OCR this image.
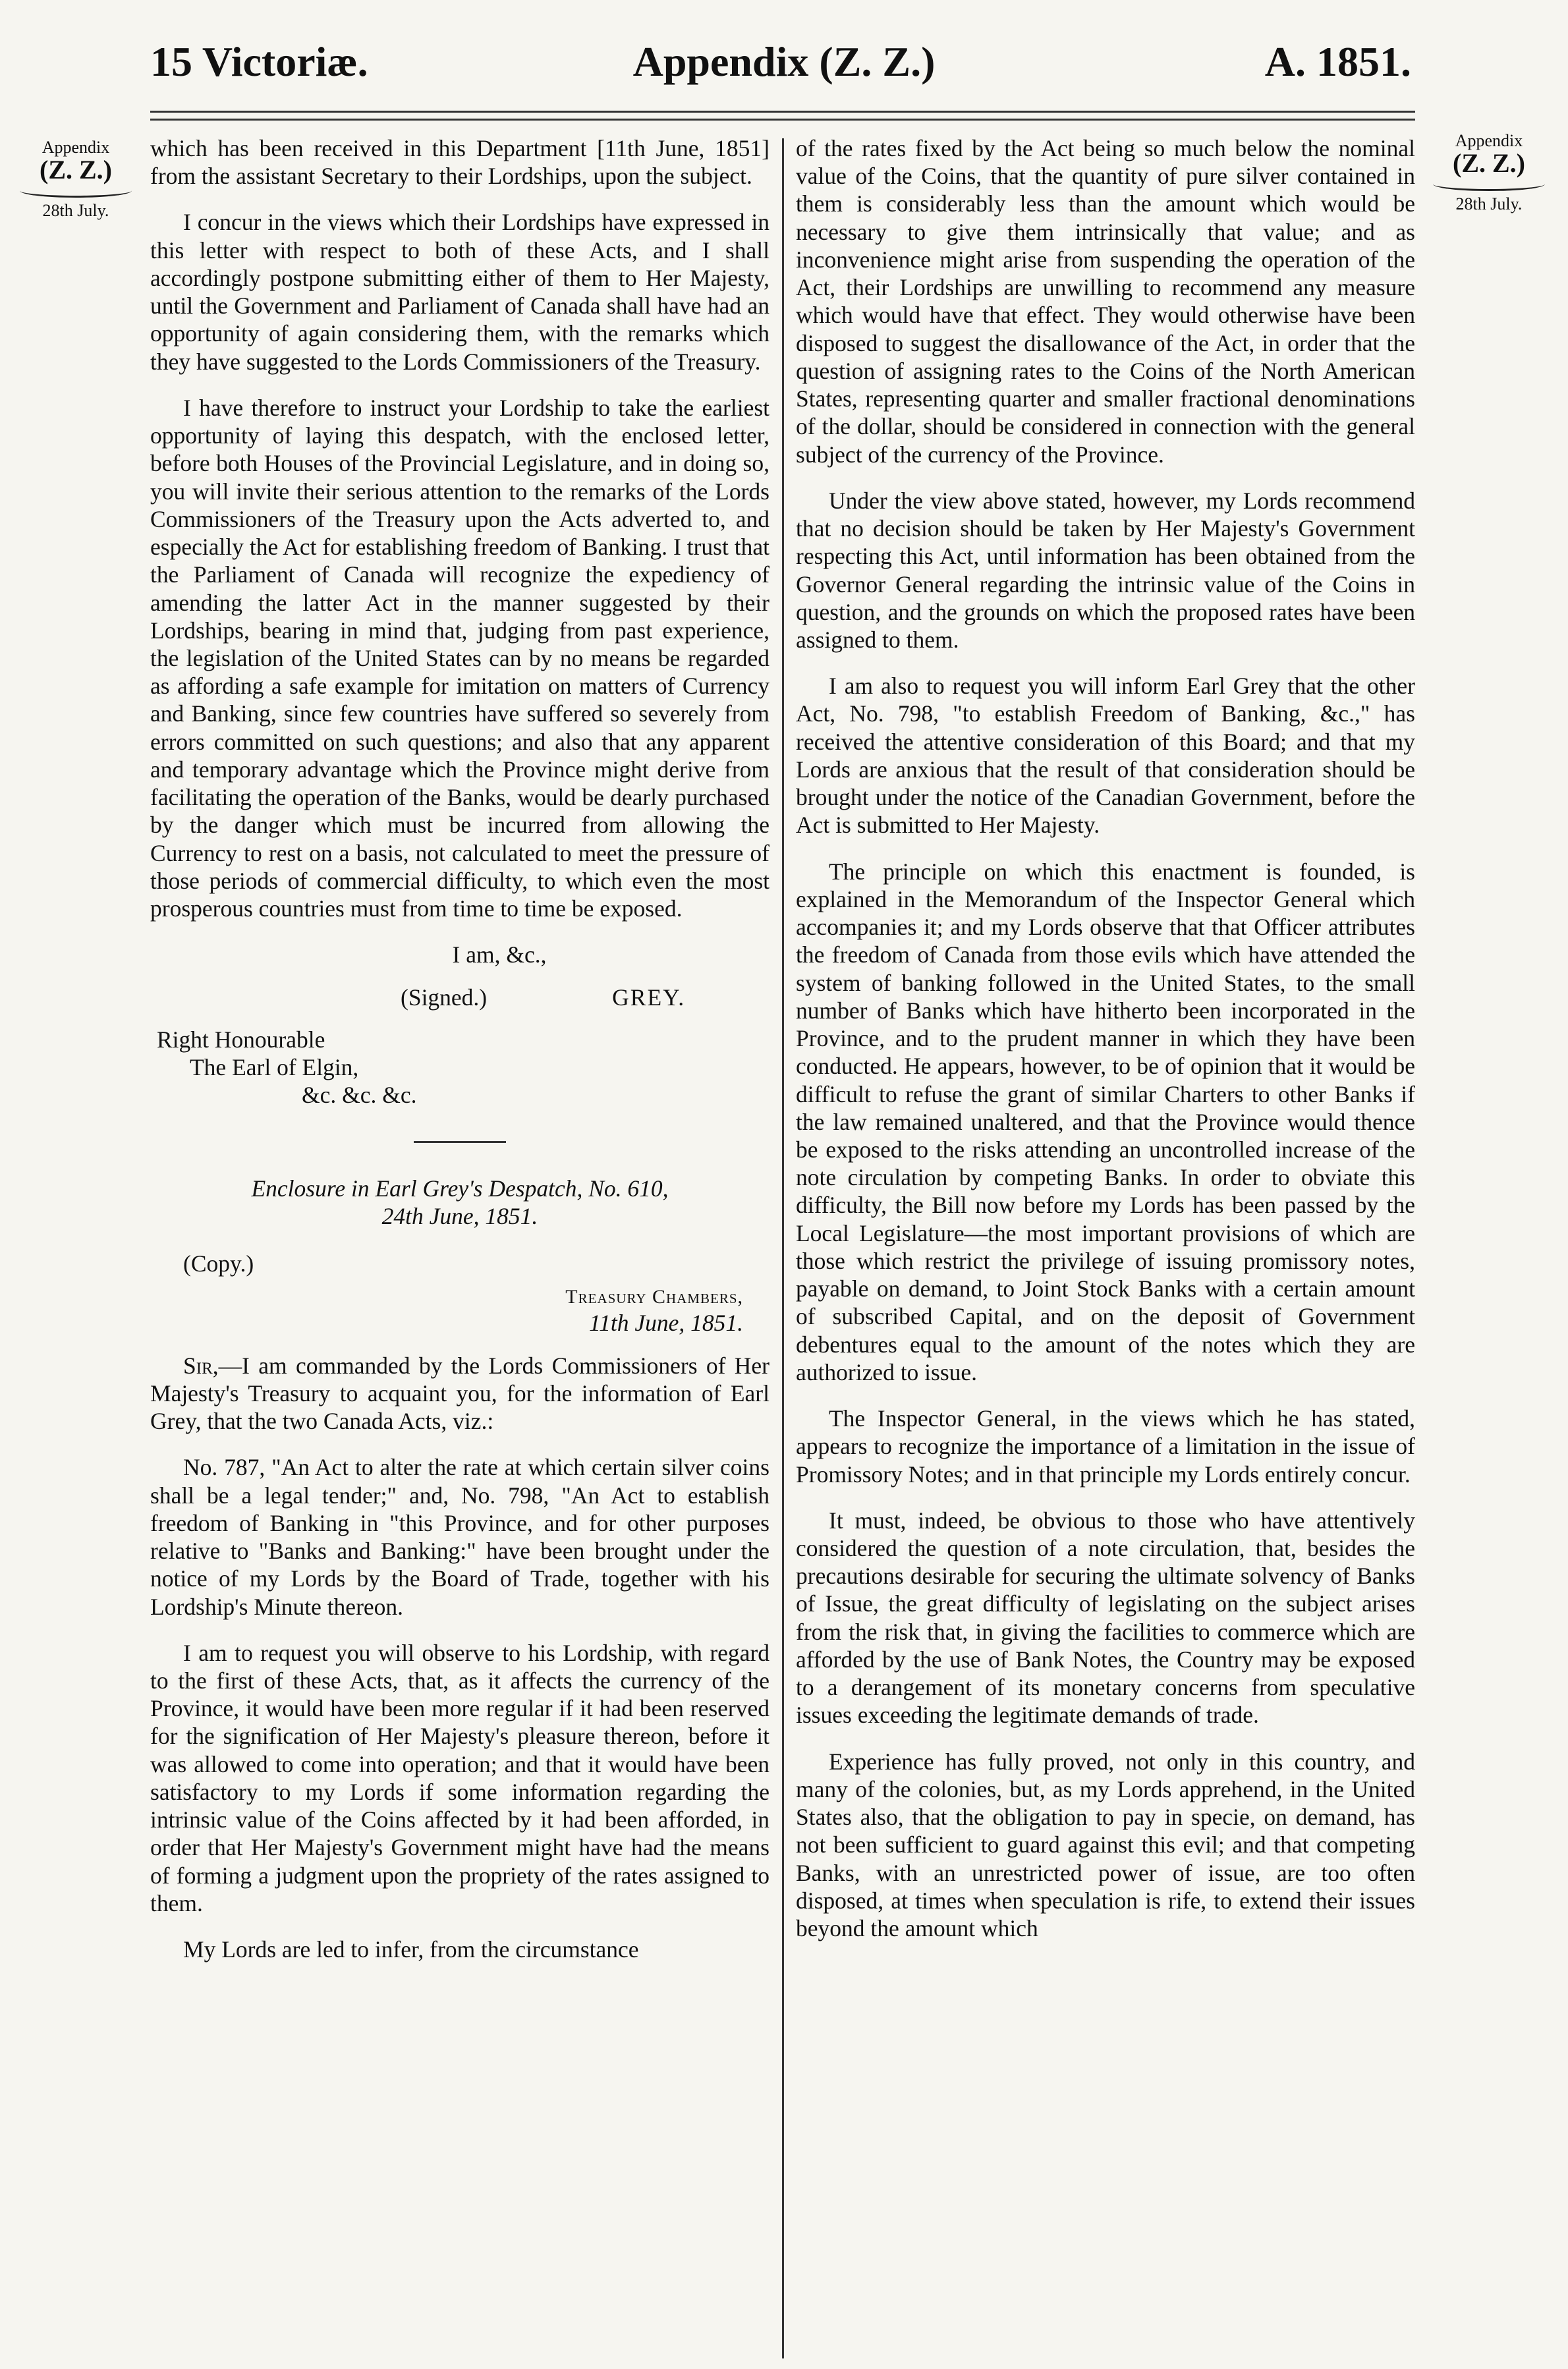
15 Victoriæ.	Appendix (Z. Z.)	A. 1851.
Appendix
(Z. Z.)
28th July.
Appendix
(Z. Z.)
28th July.

which has been received in this Department [11th June, 1851] from the assistant Secretary to their Lordships, upon the subject.

I concur in the views which their Lordships have expressed in this letter with respect to both of these Acts, and I shall accordingly postpone submitting either of them to Her Majesty, until the Government and Parliament of Canada shall have had an opportunity of again considering them, with the remarks which they have suggested to the Lords Commissioners of the Treasury.

I have therefore to instruct your Lordship to take the earliest opportunity of laying this despatch, with the enclosed letter, before both Houses of the Provincial Legislature, and in doing so, you will invite their serious attention to the remarks of the Lords Commissioners of the Treasury upon the Acts adverted to, and especially the Act for establishing freedom of Banking. I trust that the Parliament of Canada will recognize the expediency of amending the latter Act in the manner suggested by their Lordships, bearing in mind that, judging from past experience, the legislation of the United States can by no means be regarded as affording a safe example for imitation on matters of Currency and Banking, since few countries have suffered so severely from errors committed on such questions; and also that any apparent and temporary advantage which the Province might derive from facilitating the operation of the Banks, would be dearly purchased by the danger which must be incurred from allowing the Currency to rest on a basis, not calculated to meet the pressure of those periods of commercial difficulty, to which even the most prosperous countries must from time to time be exposed.

I am, &c.,
(Signed.)	GREY.
Right Honourable
The Earl of Elgin,
&c. &c. &c.
Enclosure in Earl Grey's Despatch, No. 610,
24th June, 1851.
(Copy.)
Treasury Chambers,
11th June, 1851.

Sir,—I am commanded by the Lords Commissioners of Her Majesty's Treasury to acquaint you, for the information of Earl Grey, that the two Canada Acts, viz.:

No. 787, "An Act to alter the rate at which certain silver coins shall be a legal tender;" and, No. 798, "An Act to establish freedom of Banking in "this Province, and for other purposes relative to "Banks and Banking:" have been brought under the notice of my Lords by the Board of Trade, together with his Lordship's Minute thereon.

I am to request you will observe to his Lordship, with regard to the first of these Acts, that, as it affects the currency of the Province, it would have been more regular if it had been reserved for the signification of Her Majesty's pleasure thereon, before it was allowed to come into operation; and that it would have been satisfactory to my Lords if some information regarding the intrinsic value of the Coins affected by it had been afforded, in order that Her Majesty's Government might have had the means of forming a judgment upon the propriety of the rates assigned to them.

My Lords are led to infer, from the circumstance

of the rates fixed by the Act being so much below the nominal value of the Coins, that the quantity of pure silver contained in them is considerably less than the amount which would be necessary to give them intrinsically that value; and as inconvenience might arise from suspending the operation of the Act, their Lordships are unwilling to recommend any measure which would have that effect. They would otherwise have been disposed to suggest the disallowance of the Act, in order that the question of assigning rates to the Coins of the North American States, representing quarter and smaller fractional denominations of the dollar, should be considered in connection with the general subject of the currency of the Province.

Under the view above stated, however, my Lords recommend that no decision should be taken by Her Majesty's Government respecting this Act, until information has been obtained from the Governor General regarding the intrinsic value of the Coins in question, and the grounds on which the proposed rates have been assigned to them.

I am also to request you will inform Earl Grey that the other Act, No. 798, "to establish Freedom of Banking, &c.," has received the attentive consideration of this Board; and that my Lords are anxious that the result of that consideration should be brought under the notice of the Canadian Government, before the Act is submitted to Her Majesty.

The principle on which this enactment is founded, is explained in the Memorandum of the Inspector General which accompanies it; and my Lords observe that that Officer attributes the freedom of Canada from those evils which have attended the system of banking followed in the United States, to the small number of Banks which have hitherto been incorporated in the Province, and to the prudent manner in which they have been conducted. He appears, however, to be of opinion that it would be difficult to refuse the grant of similar Charters to other Banks if the law remained unaltered, and that the Province would thence be exposed to the risks attending an uncontrolled increase of the note circulation by competing Banks. In order to obviate this difficulty, the Bill now before my Lords has been passed by the Local Legislature—the most important provisions of which are those which restrict the privilege of issuing promissory notes, payable on demand, to Joint Stock Banks with a certain amount of subscribed Capital, and on the deposit of Government debentures equal to the amount of the notes which they are authorized to issue.

The Inspector General, in the views which he has stated, appears to recognize the importance of a limitation in the issue of Promissory Notes; and in that principle my Lords entirely concur.

It must, indeed, be obvious to those who have attentively considered the question of a note circulation, that, besides the precautions desirable for securing the ultimate solvency of Banks of Issue, the great difficulty of legislating on the subject arises from the risk that, in giving the facilities to commerce which are afforded by the use of Bank Notes, the Country may be exposed to a derangement of its monetary concerns from speculative issues exceeding the legitimate demands of trade.

Experience has fully proved, not only in this country, and many of the colonies, but, as my Lords apprehend, in the United States also, that the obligation to pay in specie, on demand, has not been sufficient to guard against this evil; and that competing Banks, with an unrestricted power of issue, are too often disposed, at times when speculation is rife, to extend their issues beyond the amount which
